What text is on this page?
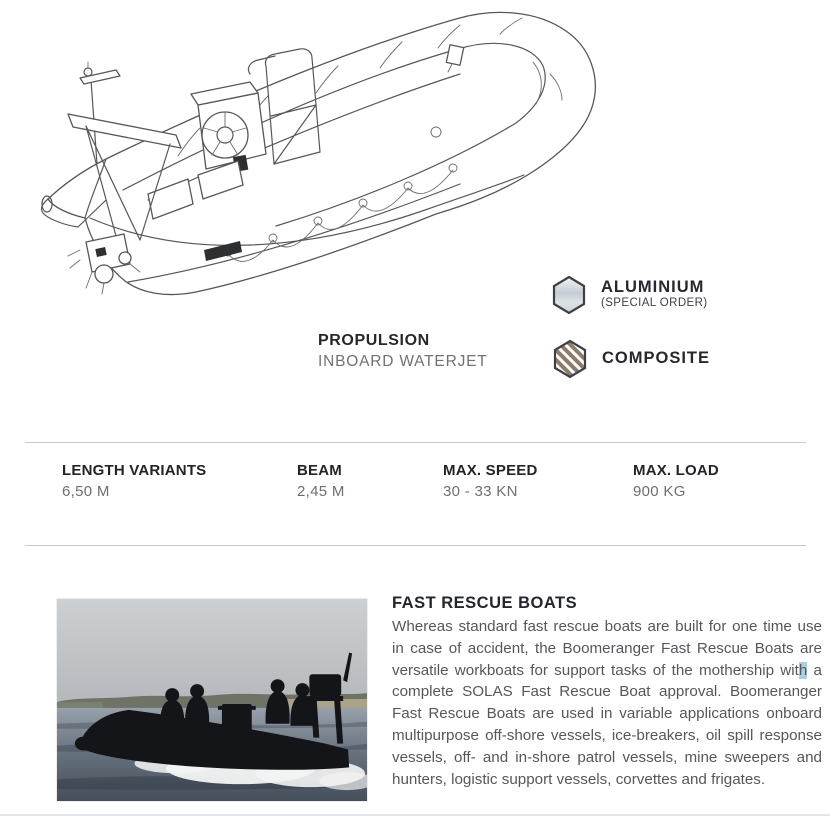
PROPULSION
INBOARD WATERJET
ALUMINIUM
(SPECIAL ORDER)
COMPOSITE
LENGTH VARIANTS
6,50 M
BEAM
2,45 M
MAX. SPEED
30 - 33 KN
MAX. LOAD
900 KG
FAST RESCUE BOATS

Whereas standard fast rescue boats are built for one time use in case of accident, the Boomeranger Fast Rescue Boats are versatile workboats for support tasks of the mothership with a complete SOLAS Fast Rescue Boat approval. Boomeranger Fast Rescue Boats are used in variable applications onboard multipurpose off-shore vessels, ice-breakers, oil spill response vessels, off- and in-shore patrol vessels, mine sweepers and hunters, logistic support vessels, corvettes and frigates.
